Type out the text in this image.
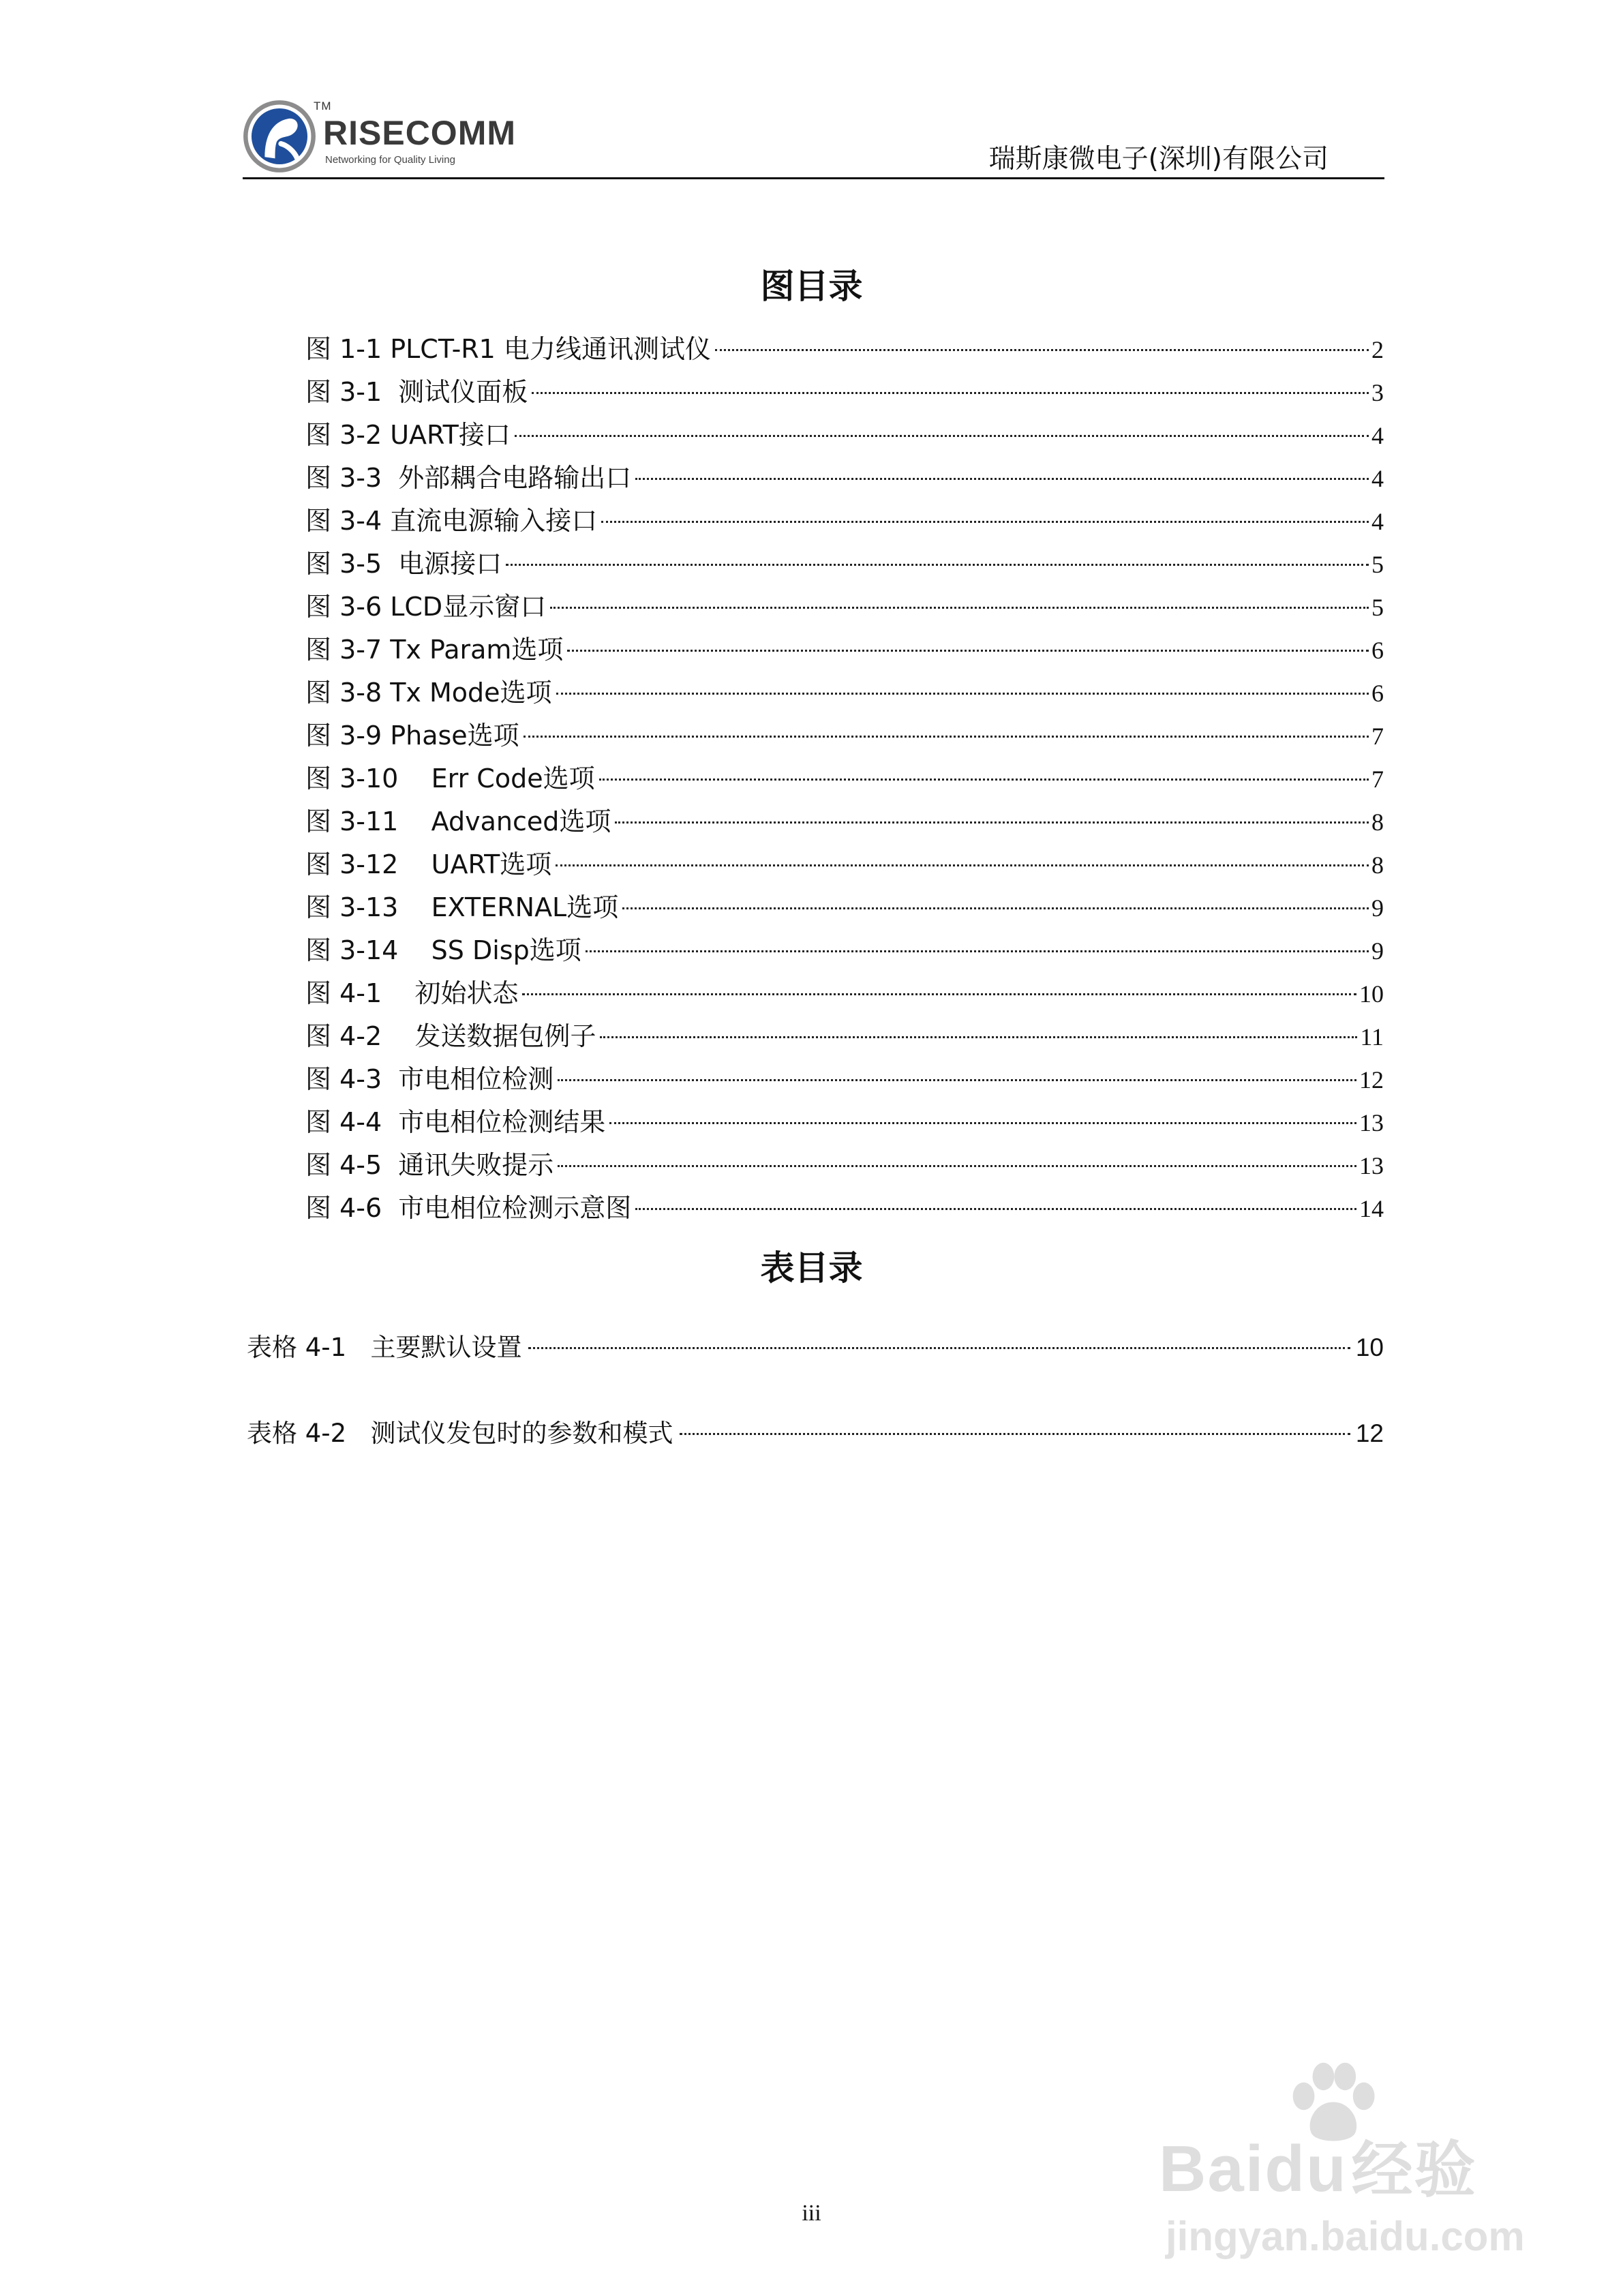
TM
RISECOMM
Networking for Quality Living	瑞斯康微电子(深圳)有限公司
图目录
图 1-1 PLCT-R1 电力线通讯测试仪	2
图 3-1  测试仪面板	3
图 3-2 UART接口	4
图 3-3  外部耦合电路输出口	4
图 3-4 直流电源输入接口	4
图 3-5  电源接口	5
图 3-6 LCD显示窗口	5
图 3-7 Tx Param选项	6
图 3-8 Tx Mode选项	6
图 3-9 Phase选项	7
图 3-10    Err Code选项	7
图 3-11    Advanced选项	8
图 3-12    UART选项	8
图 3-13    EXTERNAL选项	9
图 3-14    SS Disp选项	9
图 4-1    初始状态	10
图 4-2    发送数据包例子	11
图 4-3  市电相位检测	12
图 4-4  市电相位检测结果	13
图 4-5  通讯失败提示	13
图 4-6  市电相位检测示意图	14
表目录
表格 4-1   主要默认设置	10
表格 4-2   测试仪发包时的参数和模式	12
iii
Baidu经验
jingyan.baidu.com
